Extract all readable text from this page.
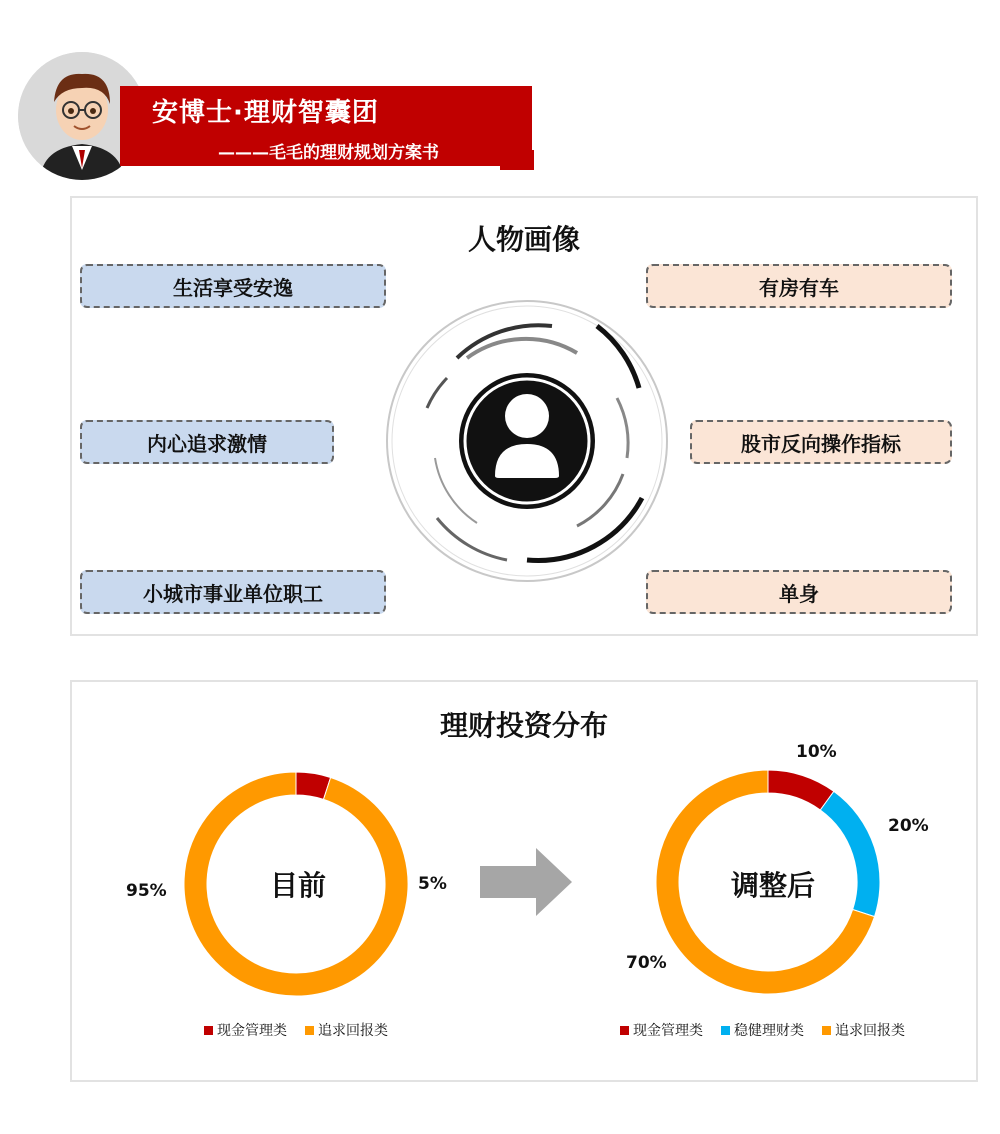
安博士·理财智囊团
———毛毛的理财规划方案书
人物画像
生活享受安逸
内心追求激情
小城市事业单位职工
有房有车
股市反向操作指标
单身
理财投资分布
目前
95%	5%	调整后
10%
20%
70%
现金管理类 追求回报类	现金管理类 稳健理财类 追求回报类
